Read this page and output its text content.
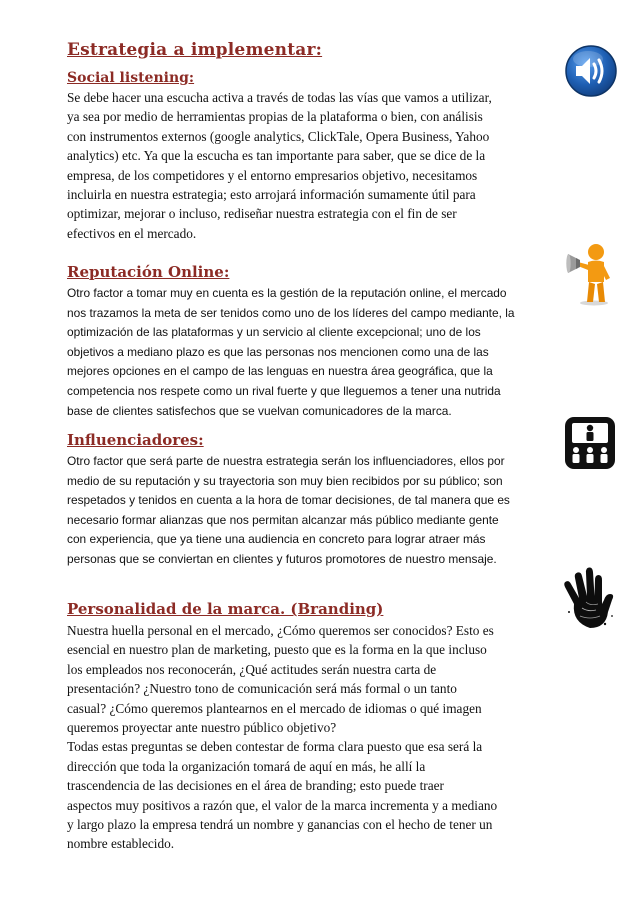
Estrategia a implementar:
Social listening:
Se debe hacer una escucha activa a través de todas las vías que vamos a utilizar,
ya sea por medio de herramientas propias de la plataforma o bien, con análisis
con instrumentos externos (google analytics, ClickTale, Opera Business, Yahoo
analytics) etc. Ya que la escucha es tan importante para saber, que se dice de la
empresa, de los competidores y el entorno empresarios objetivo, necesitamos
incluirla en nuestra estrategia; esto arrojará información sumamente útil para
optimizar, mejorar o incluso, rediseñar nuestra estrategia con el fin de ser
efectivos en el mercado.
Reputación Online:
Otro factor a tomar muy en cuenta es la gestión de la reputación online, el mercado
nos trazamos la meta de ser tenidos como uno de los líderes del campo mediante, la
optimización de las plataformas y un servicio al cliente excepcional; uno de los
objetivos a mediano plazo es que las personas nos mencionen como una de las
mejores opciones en el campo de las lenguas en nuestra área geográfica, que la
competencia nos respete como un rival fuerte y que lleguemos a tener una nutrida
base de clientes satisfechos que se vuelvan comunicadores de la marca.
Influenciadores:
Otro factor que será parte de nuestra estrategia serán los influenciadores, ellos por
medio de su reputación y su trayectoria son muy bien recibidos por su público; son
respetados y tenidos en cuenta a la hora de tomar decisiones, de tal manera que es
necesario formar alianzas que nos permitan alcanzar más público mediante gente
con experiencia, que ya tiene una audiencia en concreto para lograr atraer más
personas que se conviertan en clientes y futuros promotores de nuestro mensaje.
Personalidad de la marca. (Branding)
Nuestra huella personal en el mercado, ¿Cómo queremos ser conocidos? Esto es
esencial en nuestro plan de marketing, puesto que es la forma en la que incluso
los empleados nos reconocerán, ¿Qué actitudes serán nuestra carta de
presentación? ¿Nuestro tono de comunicación será más formal o un tanto
casual? ¿Cómo queremos plantearnos en el mercado de idiomas o qué imagen
queremos proyectar ante nuestro público objetivo?
Todas estas preguntas se deben contestar de forma clara puesto que esa será la
dirección que toda la organización tomará de aquí en más, he allí la
trascendencia de las decisiones en el área de branding; esto puede traer
aspectos muy positivos a razón que, el valor de la marca incrementa y a mediano
y largo plazo la empresa tendrá un nombre y ganancias con el hecho de tener un
nombre establecido.
